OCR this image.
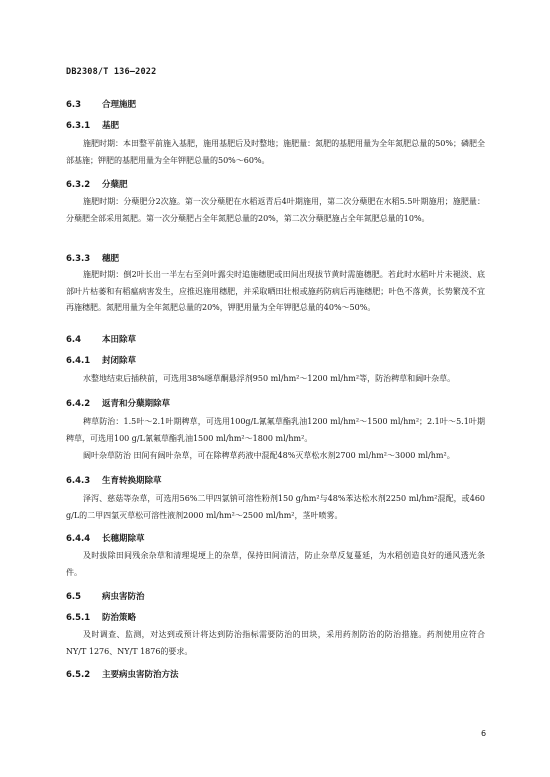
DB2308/T 136—2022
6.3 合理施肥
6.3.1 基肥
施肥时期：本田整平前施入基肥，施用基肥后及时整地；施肥量：氮肥的基肥用量为全年氮肥总量的50%；磷肥全部基施；钾肥的基肥用量为全年钾肥总量的50%～60%。
6.3.2 分蘖肥
施肥时期：分蘖肥分2次施。第一次分蘖肥在水稻返青后4叶期施用，第二次分蘖肥在水稻5.5叶期施用；施肥量：分蘖肥全部采用氮肥。第一次分蘖肥占全年氮肥总量的20%，第二次分蘖肥施占全年氮肥总量的10%。
6.3.3 穗肥
施肥时期：倒2叶长出一半左右至剑叶露尖时追施穗肥或田间出现拔节黄时需施穗肥。若此时水稻叶片未褪淡、底部叶片枯萎和有稻瘟病害发生，应推迟施用穗肥，并采取晒田壮根或施药防病后再施穗肥；叶色不落黄，长势繁茂不宜再施穗肥。氮肥用量为全年氮肥总量的20%，钾肥用量为全年钾肥总量的40%～50%。
6.4 本田除草
6.4.1 封闭除草
水整地结束后插秧前，可选用38%噁草酮悬浮剂950 ml/hm²～1200 ml/hm²等，防治稗草和阔叶杂草。
6.4.2 返青和分蘖期除草
稗草防治：1.5叶～2.1叶期稗草，可选用100g/L氰氟草酯乳油1200 ml/hm²～1500 ml/hm²；2.1叶～5.1叶期稗草，可选用100 g/L氰氟草酯乳油1500 ml/hm²～1800 ml/hm²。
阔叶杂草防治 田间有阔叶杂草，可在除稗草药液中混配48%灭草松水剂2700 ml/hm²～3000 ml/hm²。
6.4.3 生育转换期除草
泽泻、慈菇等杂草，可选用56%二甲四氯钠可溶性粉剂150 g/hm²与48%苯达松水剂2250 ml/hm²混配，或460 g/L的二甲四氯灭草松可溶性液剂2000 ml/hm²～2500 ml/hm²，茎叶喷雾。
6.4.4 长穗期除草
及时拔除田间残余杂草和清理堤埂上的杂草，保持田间清洁，防止杂草反复蔓延，为水稻创造良好的通风透光条件。
6.5 病虫害防治
6.5.1 防治策略
及时调查、监测，对达到或预计将达到防治指标需要防治的田块，采用药剂防治的防治措施。药剂使用应符合NY/T 1276、NY/T 1876的要求。
6.5.2 主要病虫害防治方法
6
